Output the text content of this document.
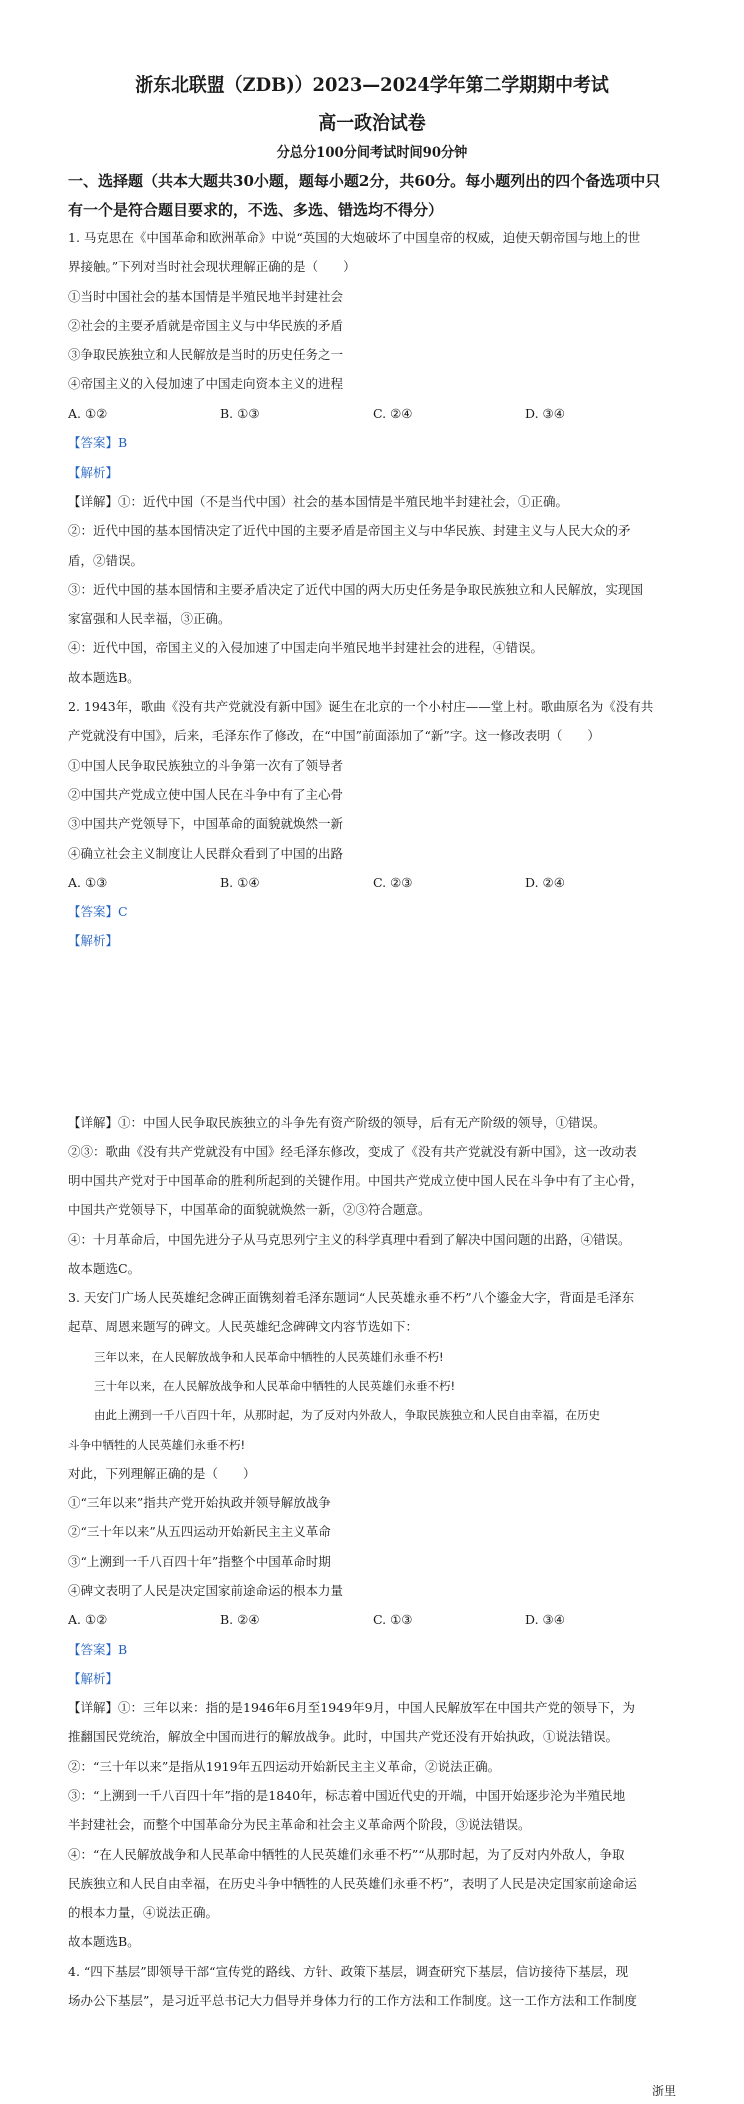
浙东北联盟（ZDB)）2023—2024学年第二学期期中考试
高一政治试卷
分总分100分间考试时间90分钟
一、选择题（共本大题共30小题，题每小题2分，共60分。每小题列出的四个备选项中只
有一个是符合题目要求的，不选、多选、错选均不得分）
1. 马克思在《中国革命和欧洲革命》中说“英国的大炮破坏了中国皇帝的权威，迫使天朝帝国与地上的世
界接触。”下列对当时社会现状理解正确的是（　　）
①当时中国社会的基本国情是半殖民地半封建社会
②社会的主要矛盾就是帝国主义与中华民族的矛盾
③争取民族独立和人民解放是当时的历史任务之一
④帝国主义的入侵加速了中国走向资本主义的进程
A. ①②	B. ①③	C. ②④	D. ③④
【答案】B
【解析】
【详解】①：近代中国（不是当代中国）社会的基本国情是半殖民地半封建社会，①正确。
②：近代中国的基本国情决定了近代中国的主要矛盾是帝国主义与中华民族、封建主义与人民大众的矛
盾，②错误。
③：近代中国的基本国情和主要矛盾决定了近代中国的两大历史任务是争取民族独立和人民解放，实现国
家富强和人民幸福，③正确。
④：近代中国，帝国主义的入侵加速了中国走向半殖民地半封建社会的进程，④错误。
故本题选B。
2. 1943年，歌曲《没有共产党就没有新中国》诞生在北京的一个小村庄——堂上村。歌曲原名为《没有共
产党就没有中国》，后来，毛泽东作了修改，在“中国”前面添加了“新”字。这一修改表明（　　）
①中国人民争取民族独立的斗争第一次有了领导者
②中国共产党成立使中国人民在斗争中有了主心骨
③中国共产党领导下，中国革命的面貌就焕然一新
④确立社会主义制度让人民群众看到了中国的出路
A. ①③	B. ①④	C. ②③	D. ②④
【答案】C
【解析】
【详解】①：中国人民争取民族独立的斗争先有资产阶级的领导，后有无产阶级的领导，①错误。
②③：歌曲《没有共产党就没有中国》经毛泽东修改，变成了《没有共产党就没有新中国》，这一改动表
明中国共产党对于中国革命的胜利所起到的关键作用。中国共产党成立使中国人民在斗争中有了主心骨，
中国共产党领导下，中国革命的面貌就焕然一新，②③符合题意。
④：十月革命后，中国先进分子从马克思列宁主义的科学真理中看到了解决中国问题的出路，④错误。
故本题选C。
3. 天安门广场人民英雄纪念碑正面镌刻着毛泽东题词“人民英雄永垂不朽”八个鎏金大字，背面是毛泽东
起草、周恩来题写的碑文。人民英雄纪念碑碑文内容节选如下：
三年以来，在人民解放战争和人民革命中牺牲的人民英雄们永垂不朽!
三十年以来，在人民解放战争和人民革命中牺牲的人民英雄们永垂不朽!
由此上溯到一千八百四十年，从那时起，为了反对内外敌人，争取民族独立和人民自由幸福，在历史
斗争中牺牲的人民英雄们永垂不朽!
对此，下列理解正确的是（　　）
①“三年以来”指共产党开始执政并领导解放战争
②“三十年以来”从五四运动开始新民主主义革命
③“上溯到一千八百四十年”指整个中国革命时期
④碑文表明了人民是决定国家前途命运的根本力量
A. ①②	B. ②④	C. ①③	D. ③④
【答案】B
【解析】
【详解】①：三年以来：指的是1946年6月至1949年9月，中国人民解放军在中国共产党的领导下，为
推翻国民党统治，解放全中国而进行的解放战争。此时，中国共产党还没有开始执政，①说法错误。
②：“三十年以来”是指从1919年五四运动开始新民主主义革命，②说法正确。
③：“上溯到一千八百四十年”指的是1840年，标志着中国近代史的开端，中国开始逐步沦为半殖民地
半封建社会，而整个中国革命分为民主革命和社会主义革命两个阶段，③说法错误。
④：“在人民解放战争和人民革命中牺牲的人民英雄们永垂不朽”“从那时起，为了反对内外敌人，争取
民族独立和人民自由幸福，在历史斗争中牺牲的人民英雄们永垂不朽”，表明了人民是决定国家前途命运
的根本力量，④说法正确。
故本题选B。
4. “四下基层”即领导干部“宣传党的路线、方针、政策下基层，调查研究下基层，信访接待下基层，现
场办公下基层”，是习近平总书记大力倡导并身体力行的工作方法和工作制度。这一工作方法和工作制度
浙里
